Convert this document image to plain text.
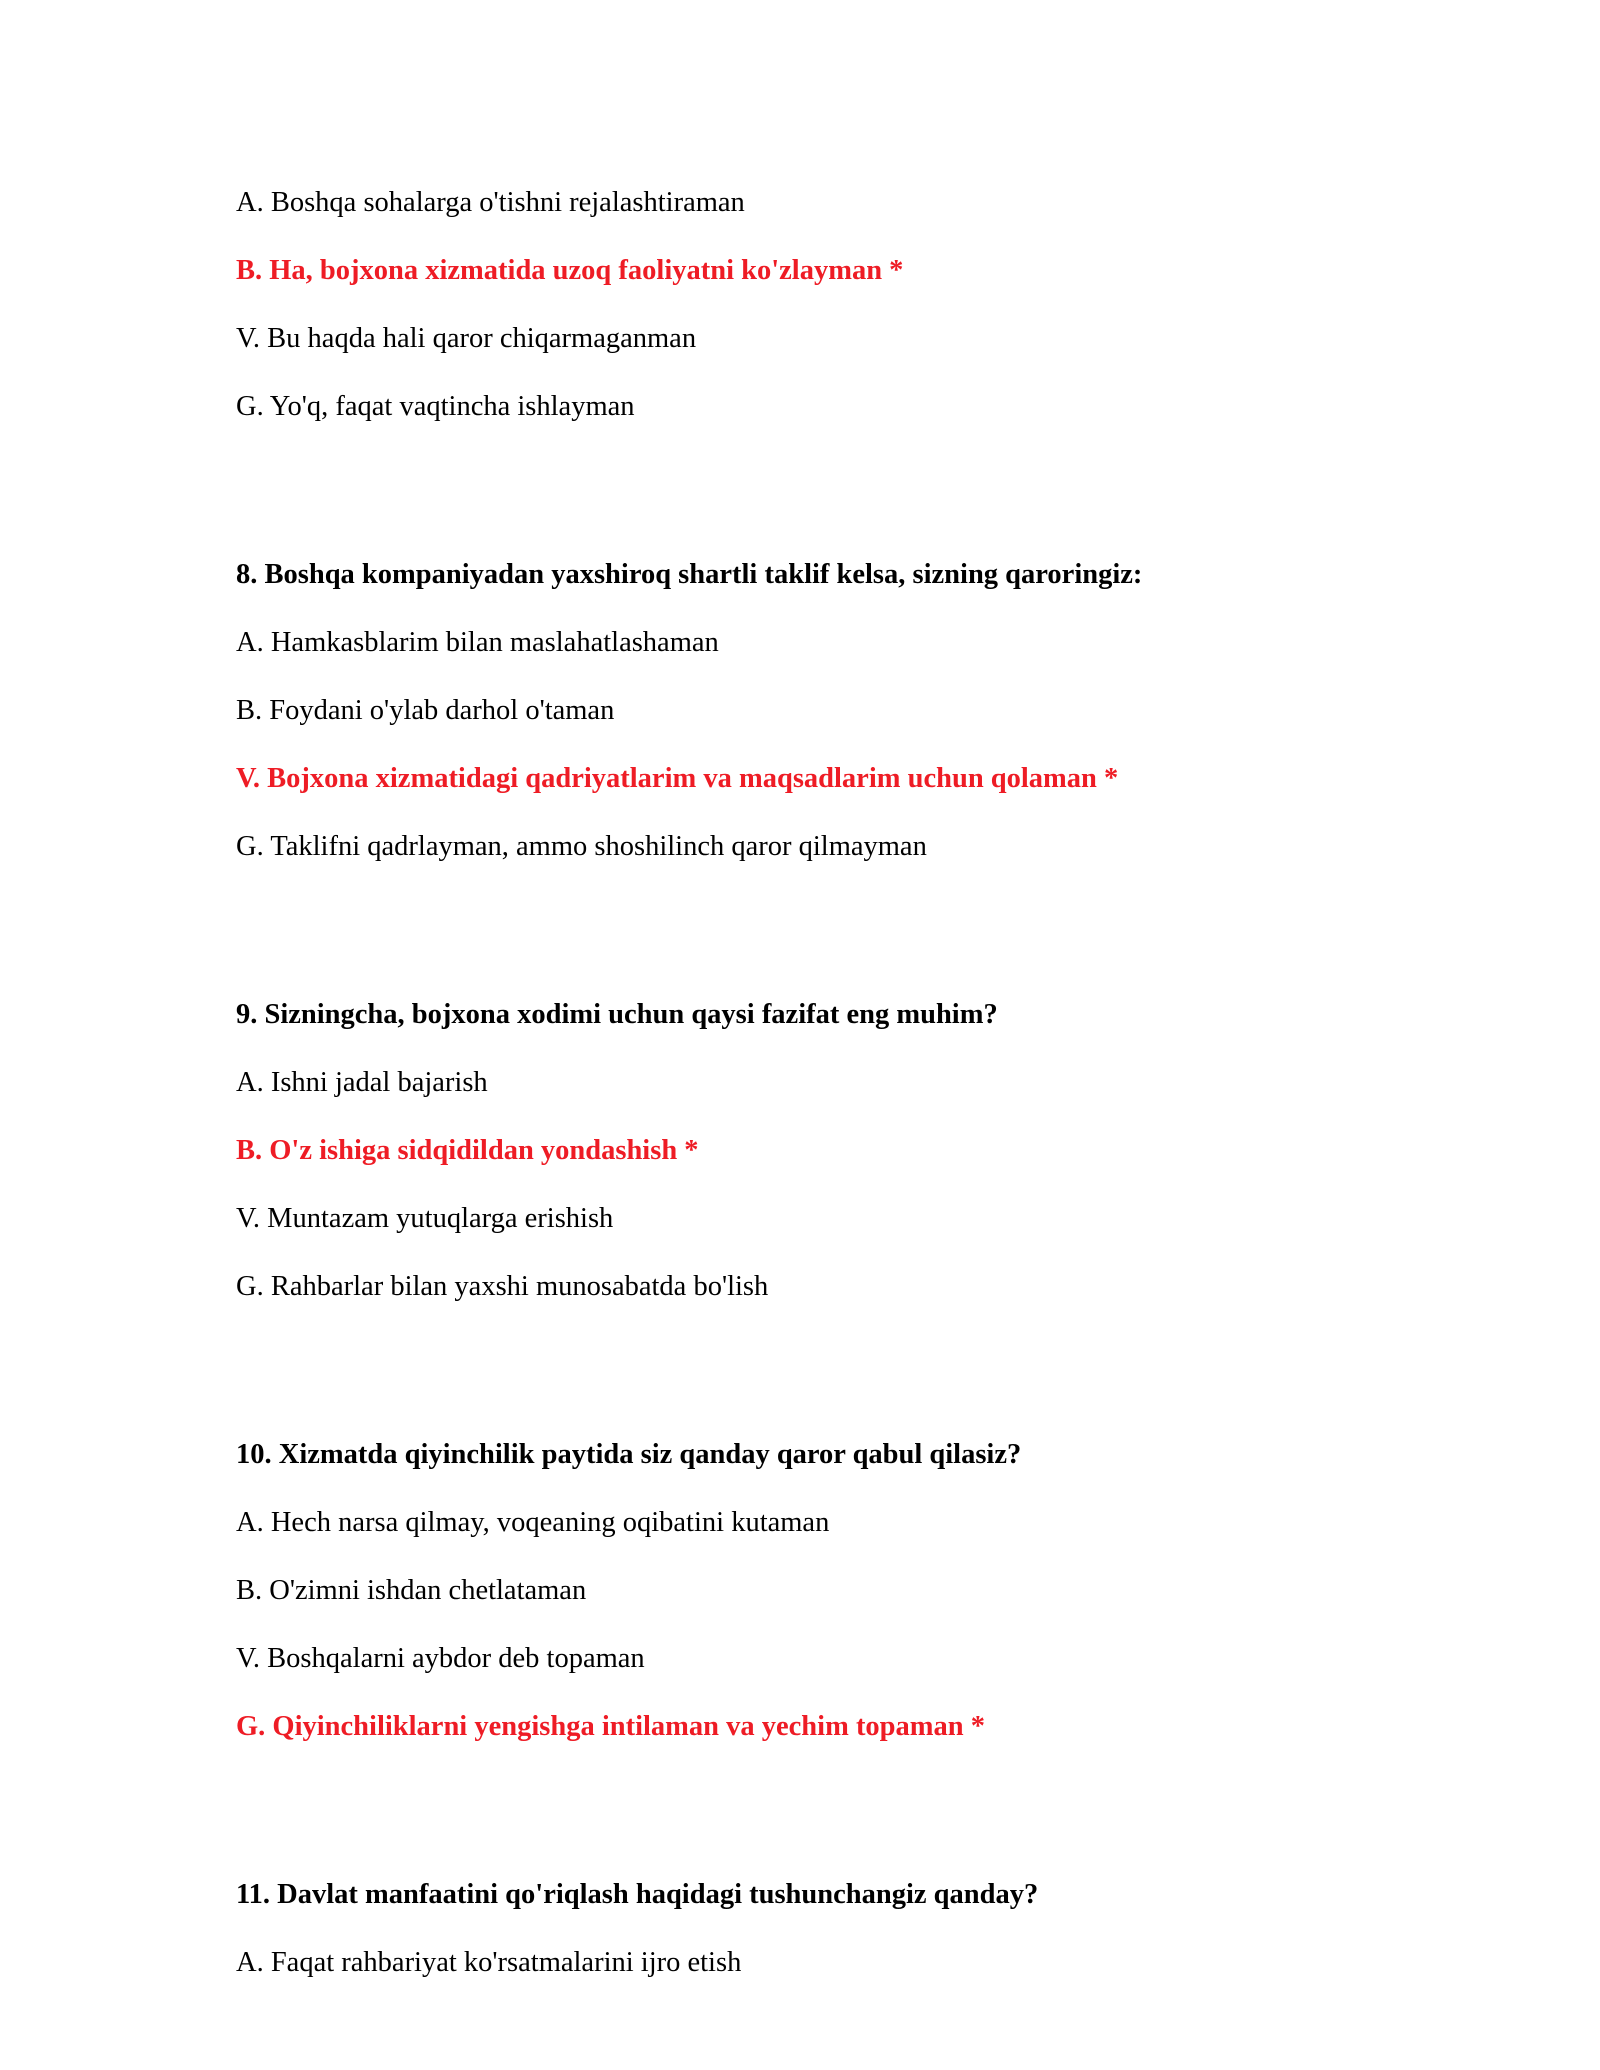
A. Boshqa sohalarga o'tishni rejalashtiraman
B. Ha, bojxona xizmatida uzoq faoliyatni ko'zlayman *
V. Bu haqda hali qaror chiqarmaganman
G. Yo'q, faqat vaqtincha ishlayman
8. Boshqa kompaniyadan yaxshiroq shartli taklif kelsa, sizning qaroringiz:
A. Hamkasblarim bilan maslahatlashaman
B. Foydani o'ylab darhol o'taman
V. Bojxona xizmatidagi qadriyatlarim va maqsadlarim uchun qolaman *
G. Taklifni qadrlayman, ammo shoshilinch qaror qilmayman
9. Sizningcha, bojxona xodimi uchun qaysi fazifat eng muhim?
A. Ishni jadal bajarish
B. O'z ishiga sidqidildan yondashish *
V. Muntazam yutuqlarga erishish
G. Rahbarlar bilan yaxshi munosabatda bo'lish
10. Xizmatda qiyinchilik paytida siz qanday qaror qabul qilasiz?
A. Hech narsa qilmay, voqeaning oqibatini kutaman
B. O'zimni ishdan chetlataman
V. Boshqalarni aybdor deb topaman
G. Qiyinchiliklarni yengishga intilaman va yechim topaman *
11. Davlat manfaatini qo'riqlash haqidagi tushunchangiz qanday?
A. Faqat rahbariyat ko'rsatmalarini ijro etish
